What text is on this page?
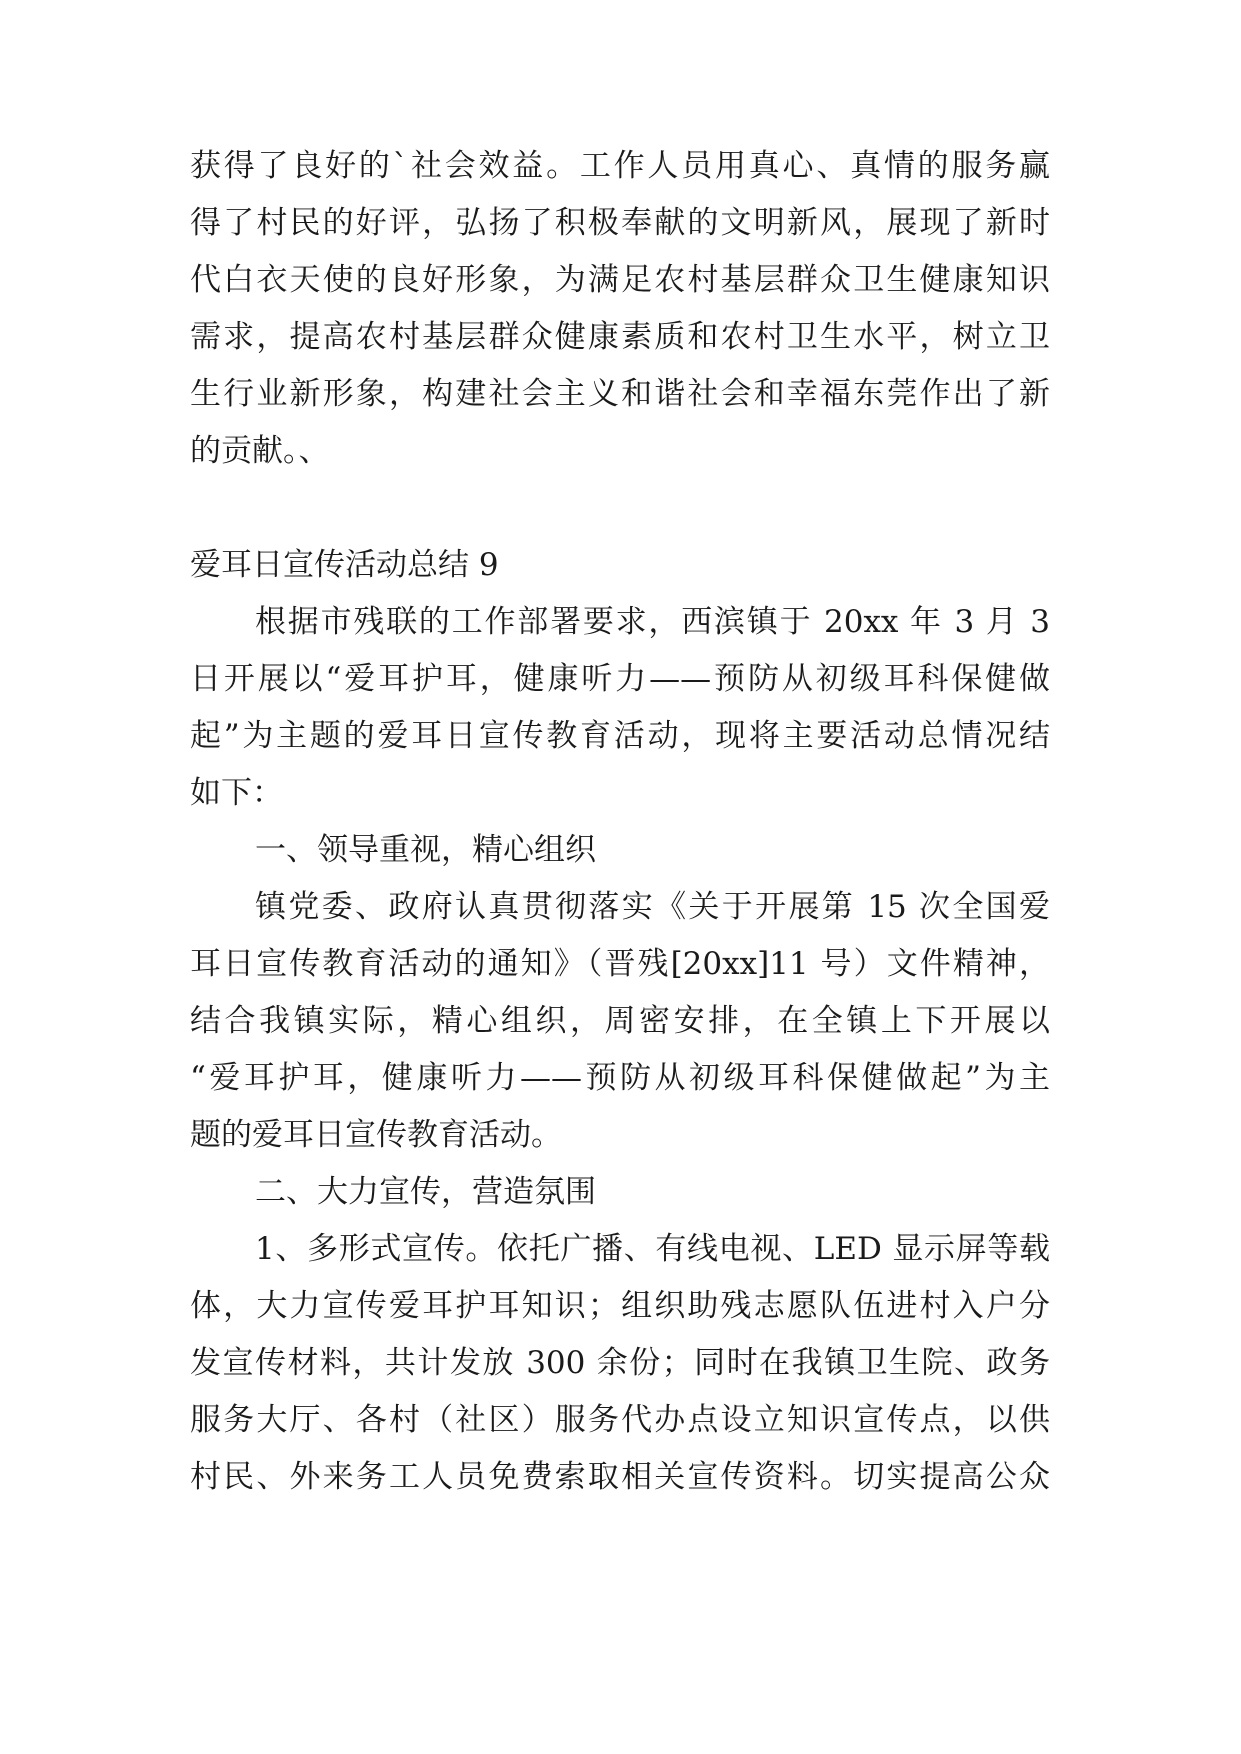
获得了良好的`社会效益。工作人员用真心、真情的服务赢
得了村民的好评，弘扬了积极奉献的文明新风，展现了新时
代白衣天使的良好形象，为满足农村基层群众卫生健康知识
需求，提高农村基层群众健康素质和农村卫生水平，树立卫
生行业新形象，构建社会主义和谐社会和幸福东莞作出了新
的贡献。、
爱耳日宣传活动总结 9
根据市残联的工作部署要求，西滨镇于 20xx 年 3 月 3
日开展以“爱耳护耳，健康听力——预防从初级耳科保健做
起”为主题的爱耳日宣传教育活动，现将主要活动总情况结
如下：
一、领导重视，精心组织
镇党委、政府认真贯彻落实《关于开展第 15 次全国爱
耳日宣传教育活动的通知》（晋残[20xx]11 号）文件精神，
结合我镇实际，精心组织，周密安排，在全镇上下开展以
“爱耳护耳，健康听力——预防从初级耳科保健做起”为主
题的爱耳日宣传教育活动。
二、大力宣传，营造氛围
1、多形式宣传。依托广播、有线电视、LED 显示屏等载
体，大力宣传爱耳护耳知识；组织助残志愿队伍进村入户分
发宣传材料，共计发放 300 余份；同时在我镇卫生院、政务
服务大厅、各村（社区）服务代办点设立知识宣传点，以供
村民、外来务工人员免费索取相关宣传资料。切实提高公众
